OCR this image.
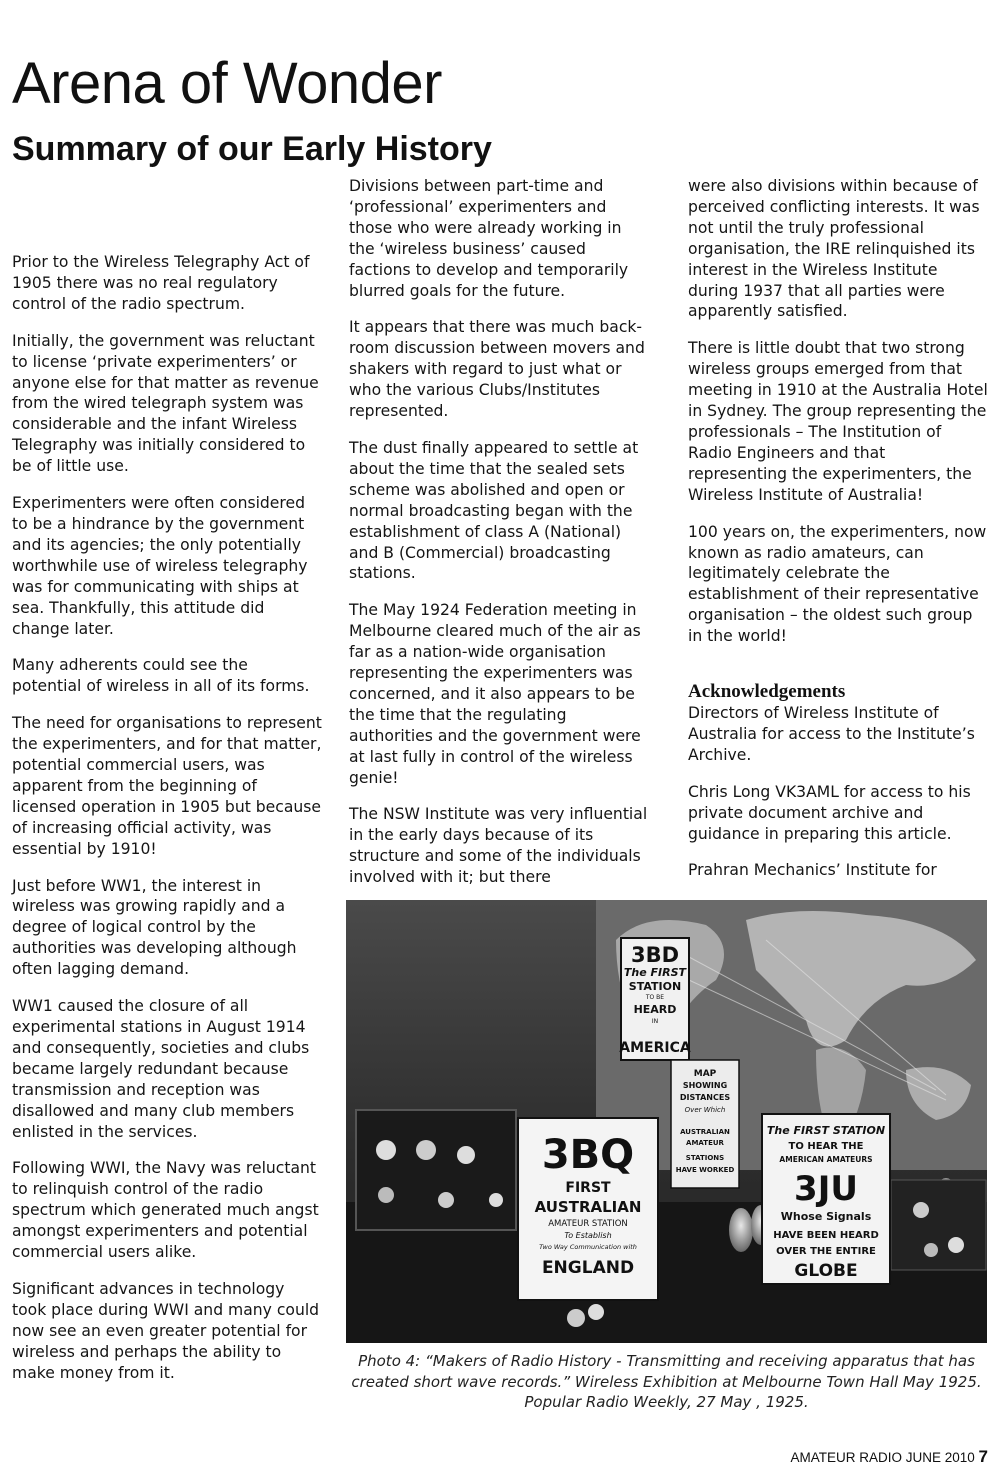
Arena of Wonder
Summary of our Early History

Prior to the Wireless Telegraphy Act of 1905 there was no real regulatory control of the radio spectrum.

Initially, the government was reluctant to license ‘private experimenters’ or anyone else for that matter as revenue from the wired telegraph system was considerable and the infant Wireless Telegraphy was initially considered to be of little use.

Experimenters were often considered to be a hindrance by the government and its agencies; the only potentially worthwhile use of wireless telegraphy was for communicating with ships at sea. Thankfully, this attitude did change later.

Many adherents could see the potential of wireless in all of its forms.

The need for organisations to represent the experimenters, and for that matter, potential commercial users, was apparent from the beginning of licensed operation in 1905 but because of increasing official activity, was essential by 1910!

Just before WW1, the interest in wireless was growing rapidly and a degree of logical control by the authorities was developing although often lagging demand.

WW1 caused the closure of all experimental stations in August 1914 and consequently, societies and clubs became largely redundant because transmission and reception was disallowed and many club members enlisted in the services.

Following WWI, the Navy was reluctant to relinquish control of the radio spectrum which generated much angst amongst experimenters and potential commercial users alike.

Significant advances in technology took place during WWI and many could now see an even greater potential for wireless and perhaps the ability to make money from it.

Divisions between part-time and ‘professional’ experimenters and those who were already working in the ‘wireless business’ caused factions to develop and temporarily blurred goals for the future.

It appears that there was much back-room discussion between movers and shakers with regard to just what or who the various Clubs/Institutes represented.

The dust finally appeared to settle at about the time that the sealed sets scheme was abolished and open or normal broadcasting began with the establishment of class A (National) and B (Commercial) broadcasting stations.

The May 1924 Federation meeting in Melbourne cleared much of the air as far as a nation-wide organisation representing the experimenters was concerned, and it also appears to be the time that the regulating authorities and the government were at last fully in control of the wireless genie!

The NSW Institute was very influential in the early days because of its structure and some of the individuals involved with it; but there

were also divisions within because of perceived conflicting interests. It was not until the truly professional organisation, the IRE relinquished its interest in the Wireless Institute during 1937 that all parties were apparently satisfied.

There is little doubt that two strong wireless groups emerged from that meeting in 1910 at the Australia Hotel in Sydney. The group representing the professionals – The Institution of Radio Engineers and that representing the experimenters, the Wireless Institute of Australia!

100 years on, the experimenters, now known as radio amateurs, can legitimately celebrate the establishment of their representative organisation – the oldest such group in the world!

Acknowledgements

Directors of Wireless Institute of Australia for access to the Institute’s Archive.

Chris Long VK3AML for access to his private document archive and guidance in preparing this article.

Prahran Mechanics’ Institute for

3BD
The FIRST
STATION
TO BE
HEARD
IN
AMERICA
MAP
SHOWING
DISTANCES
Over Which
AUSTRALIAN
AMATEUR
STATIONS
HAVE WORKED
3BQ
FIRST
AUSTRALIAN
AMATEUR STATION
To Establish
Two Way Communication with
ENGLAND
The FIRST STATION
TO HEAR THE
AMERICAN AMATEURS
3JU
Whose Signals
HAVE BEEN HEARD
OVER THE ENTIRE
GLOBE

Photo 4: “Makers of Radio History - Transmitting and receiving apparatus that has created short wave records.” Wireless Exhibition at Melbourne Town Hall May 1925. Popular Radio Weekly, 27 May , 1925.

AMATEUR RADIO JUNE 2010 7
